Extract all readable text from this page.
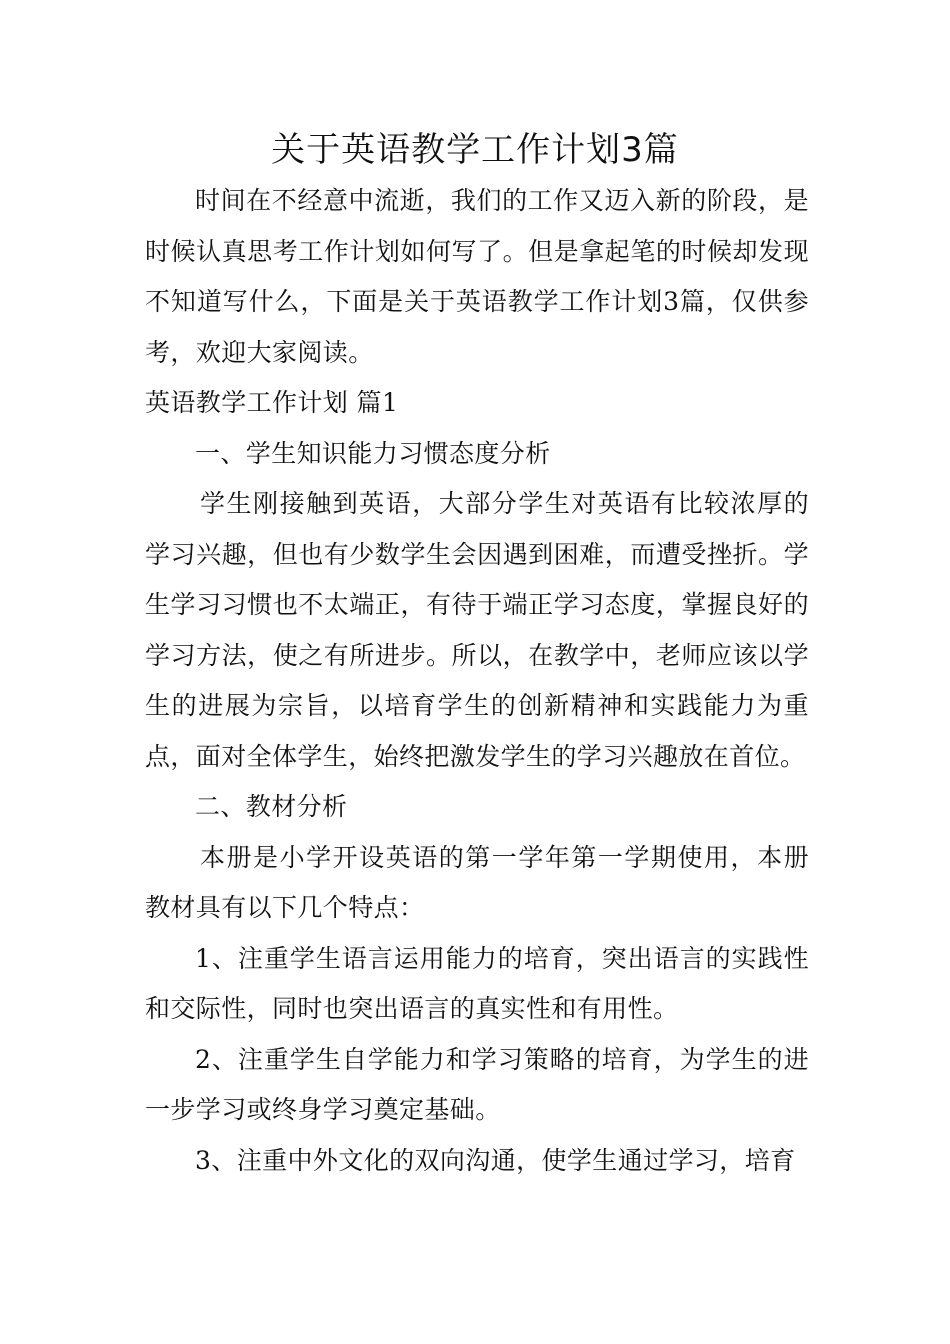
关于英语教学工作计划3篇

时间在不经意中流逝，我们的工作又迈入新的阶段，是时候认真思考工作计划如何写了。但是拿起笔的时候却发现不知道写什么，下面是关于英语教学工作计划3篇，仅供参考，欢迎大家阅读。

英语教学工作计划 篇1

一、学生知识能力习惯态度分析

学生刚接触到英语，大部分学生对英语有比较浓厚的学习兴趣，但也有少数学生会因遇到困难，而遭受挫折。学生学习习惯也不太端正，有待于端正学习态度，掌握良好的学习方法，使之有所进步。所以，在教学中，老师应该以学生的进展为宗旨，以培育学生的创新精神和实践能力为重点，面对全体学生，始终把激发学生的学习兴趣放在首位。

二、教材分析

本册是小学开设英语的第一学年第一学期使用，本册教材具有以下几个特点：

1、注重学生语言运用能力的培育，突出语言的实践性和交际性，同时也突出语言的真实性和有用性。

2、注重学生自学能力和学习策略的培育，为学生的进一步学习或终身学习奠定基础。

3、注重中外文化的双向沟通，使学生通过学习，培育
